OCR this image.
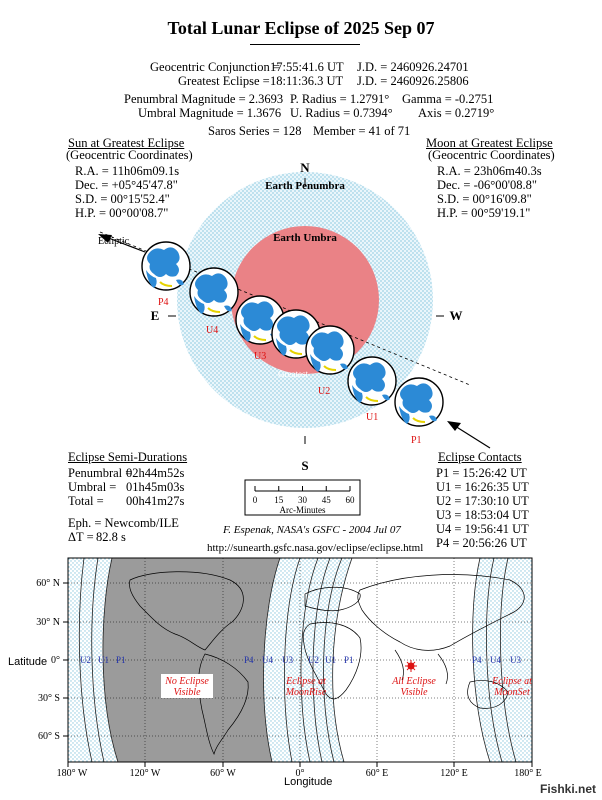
Total Lunar Eclipse of 2025 Sep 07
Geocentric Conjunction =
17:55:41.6 UT J.D. = 2460926.24701
Greatest Eclipse = 18:11:36.3 UT J.D. = 2460926.25806
Penumbral Magnitude = 2.3693 P. Radius = 1.2791° Gamma = -0.2751
Umbral Magnitude = 1.3676 U. Radius = 0.7394° Axis = 0.2719°
Saros Series = 128 Member = 41 of 71
Sun at Greatest Eclipse
(Geocentric Coordinates)
R.A. = 11h06m09.1s
Dec. = +05°45'47.8"
S.D. = 00°15'52.4"
H.P. = 00°00'08.7"
Moon at Greatest Eclipse
(Geocentric Coordinates)
R.A. = 23h06m40.3s
Dec. = -06°00'08.8"
S.D. = 00°16'09.8"
H.P. = 00°59'19.1"
N
S
E	W
Earth Penumbra
Earth Umbra
Ecliptic
P4
U4
U3
Greatest
U2
U1
P1
0 15 30 45 60
Arc-Minutes
Eclipse Semi-Durations
Penumbral =02h44m52s
Umbral =01h45m03s
Total =00h41m27s
Eph. = Newcomb/ILE
ΔT = 82.8 s	F. Espenak, NASA's GSFC - 2004 Jul 07
http://sunearth.gsfc.nasa.gov/eclipse/eclipse.html
Eclipse Contacts
P1 = 15:26:42 UT
U1 = 16:26:35 UT
U2 = 17:30:10 UT
U3 = 18:53:04 UT
U4 = 19:56:41 UT
P4 = 20:56:26 UT
Latitude
Longitude
60° N
30° N
0°
30° S
60° S
180° W	120° W	60° W	0°	60° E	120° E	180° E
U2 U1 P1	P4 U4 U3 U2 U1 P1	P4 U4 U3
No Eclipse
Visible
Eclipse at
MoonRise
All Eclipse
Visible
Eclipse at
MoonSet
Fishki.net
